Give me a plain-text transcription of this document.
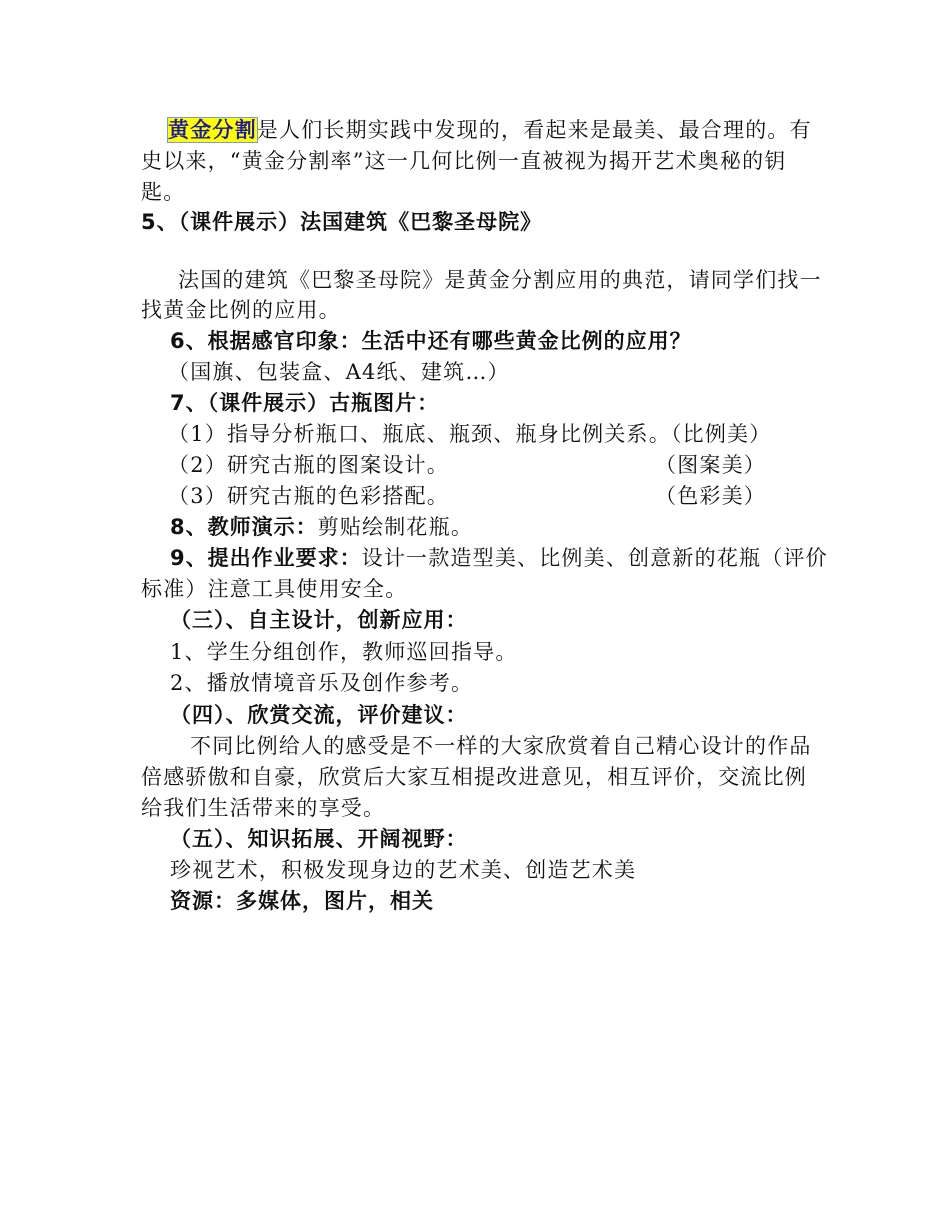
黄金分割是人们长期实践中发现的，看起来是最美、最合理的。有
史以来，“黄金分割率”这一几何比例一直被视为揭开艺术奥秘的钥
匙。
5、（课件展示）法国建筑《巴黎圣母院》
法国的建筑《巴黎圣母院》是黄金分割应用的典范，请同学们找一
找黄金比例的应用。
6、根据感官印象：生活中还有哪些黄金比例的应用？
（国旗、包装盒、A4纸、建筑…）
7、（课件展示）古瓶图片：
（1）指导分析瓶口、瓶底、瓶颈、瓶身比例关系。（比例美）
（2）研究古瓶的图案设计。	（图案美）
（3）研究古瓶的色彩搭配。	（色彩美）
8、教师演示：剪贴绘制花瓶。
9、提出作业要求：设计一款造型美、比例美、创意新的花瓶（评价
标准）注意工具使用安全。
（三）、自主设计，创新应用：
1、学生分组创作，教师巡回指导。
2、播放情境音乐及创作参考。
（四）、欣赏交流，评价建议：
不同比例给人的感受是不一样的大家欣赏着自己精心设计的作品
倍感骄傲和自豪，欣赏后大家互相提改进意见，相互评价，交流比例
给我们生活带来的享受。
（五）、知识拓展、开阔视野：
珍视艺术，积极发现身边的艺术美、创造艺术美
资源：多媒体，图片，相关
